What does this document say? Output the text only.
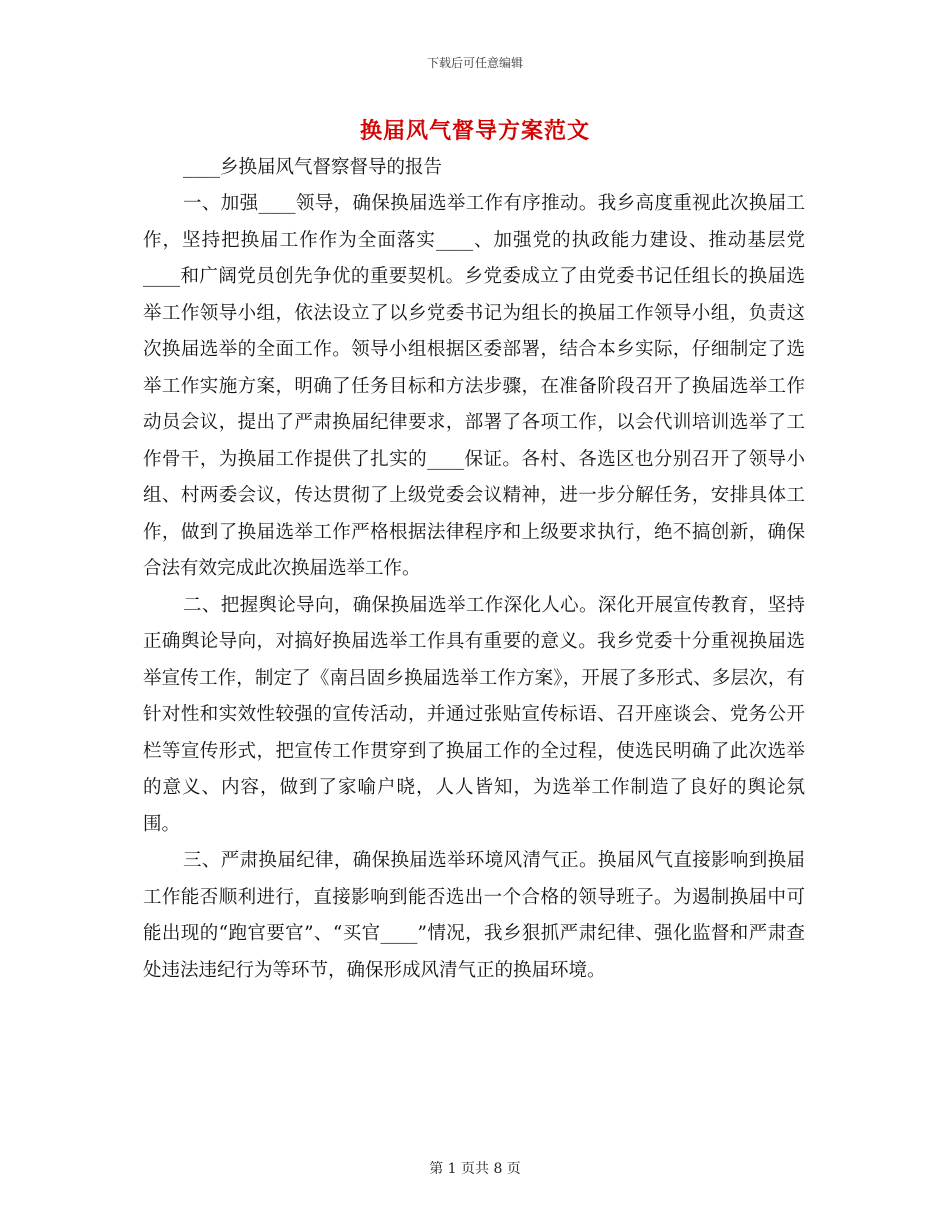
下载后可任意编辑
换届风气督导方案范文

____乡换届风气督察督导的报告

一、加强____领导，确保换届选举工作有序推动。我乡高度重视此次换届工作，坚持把换届工作作为全面落实____、加强党的执政能力建设、推动基层党____和广阔党员创先争优的重要契机。乡党委成立了由党委书记任组长的换届选举工作领导小组，依法设立了以乡党委书记为组长的换届工作领导小组，负责这次换届选举的全面工作。领导小组根据区委部署，结合本乡实际，仔细制定了选举工作实施方案，明确了任务目标和方法步骤，在准备阶段召开了换届选举工作动员会议，提出了严肃换届纪律要求，部署了各项工作，以会代训培训选举了工作骨干，为换届工作提供了扎实的____保证。各村、各选区也分别召开了领导小组、村两委会议，传达贯彻了上级党委会议精神，进一步分解任务，安排具体工作，做到了换届选举工作严格根据法律程序和上级要求执行，绝不搞创新，确保合法有效完成此次换届选举工作。

二、把握舆论导向，确保换届选举工作深化人心。深化开展宣传教育，坚持正确舆论导向，对搞好换届选举工作具有重要的意义。我乡党委十分重视换届选举宣传工作，制定了《南吕固乡换届选举工作方案》，开展了多形式、多层次，有针对性和实效性较强的宣传活动，并通过张贴宣传标语、召开座谈会、党务公开栏等宣传形式，把宣传工作贯穿到了换届工作的全过程，使选民明确了此次选举的意义、内容，做到了家喻户晓，人人皆知，为选举工作制造了良好的舆论氛围。

三、严肃换届纪律，确保换届选举环境风清气正。换届风气直接影响到换届工作能否顺利进行，直接影响到能否选出一个合格的领导班子。为遏制换届中可能出现的“跑官要官”、“买官____”情况，我乡狠抓严肃纪律、强化监督和严肃查处违法违纪行为等环节，确保形成风清气正的换届环境。

第 1 页共 8 页
